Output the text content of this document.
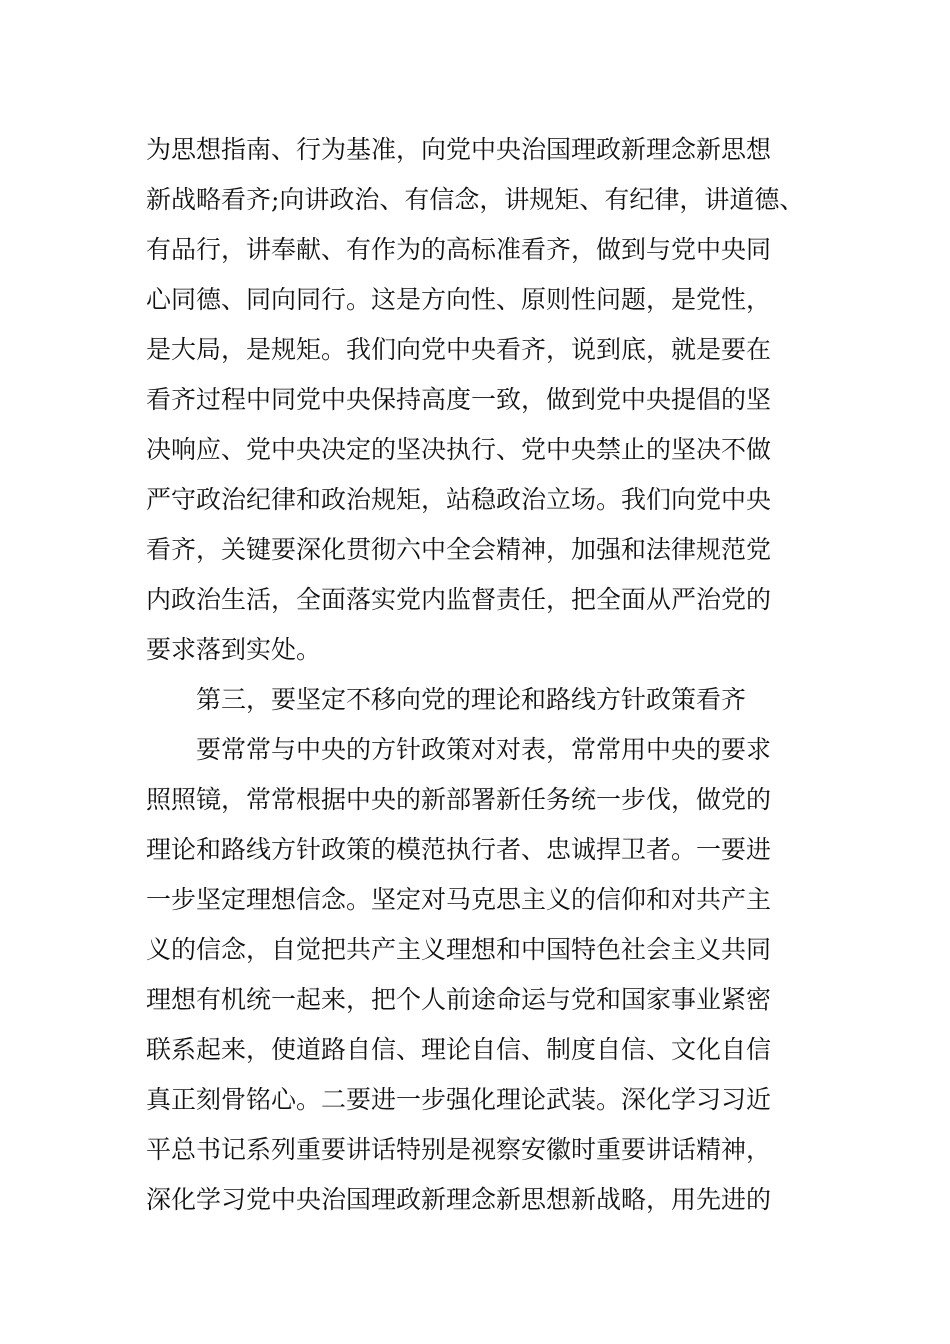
为思想指南、行为基准，向党中央治国理政新理念新思想
新战略看齐;向讲政治、有信念，讲规矩、有纪律，讲道德、
有品行，讲奉献、有作为的高标准看齐，做到与党中央同
心同德、同向同行。这是方向性、原则性问题，是党性，
是大局，是规矩。我们向党中央看齐，说到底，就是要在
看齐过程中同党中央保持高度一致，做到党中央提倡的坚
决响应、党中央决定的坚决执行、党中央禁止的坚决不做
严守政治纪律和政治规矩，站稳政治立场。我们向党中央
看齐，关键要深化贯彻六中全会精神，加强和法律规范党
内政治生活，全面落实党内监督责任，把全面从严治党的
要求落到实处。
第三，要坚定不移向党的理论和路线方针政策看齐
要常常与中央的方针政策对对表，常常用中央的要求
照照镜，常常根据中央的新部署新任务统一步伐，做党的
理论和路线方针政策的模范执行者、忠诚捍卫者。一要进
一步坚定理想信念。坚定对马克思主义的信仰和对共产主
义的信念，自觉把共产主义理想和中国特色社会主义共同
理想有机统一起来，把个人前途命运与党和国家事业紧密
联系起来，使道路自信、理论自信、制度自信、文化自信
真正刻骨铭心。二要进一步强化理论武装。深化学习习近
平总书记系列重要讲话特别是视察安徽时重要讲话精神，
深化学习党中央治国理政新理念新思想新战略，用先进的
